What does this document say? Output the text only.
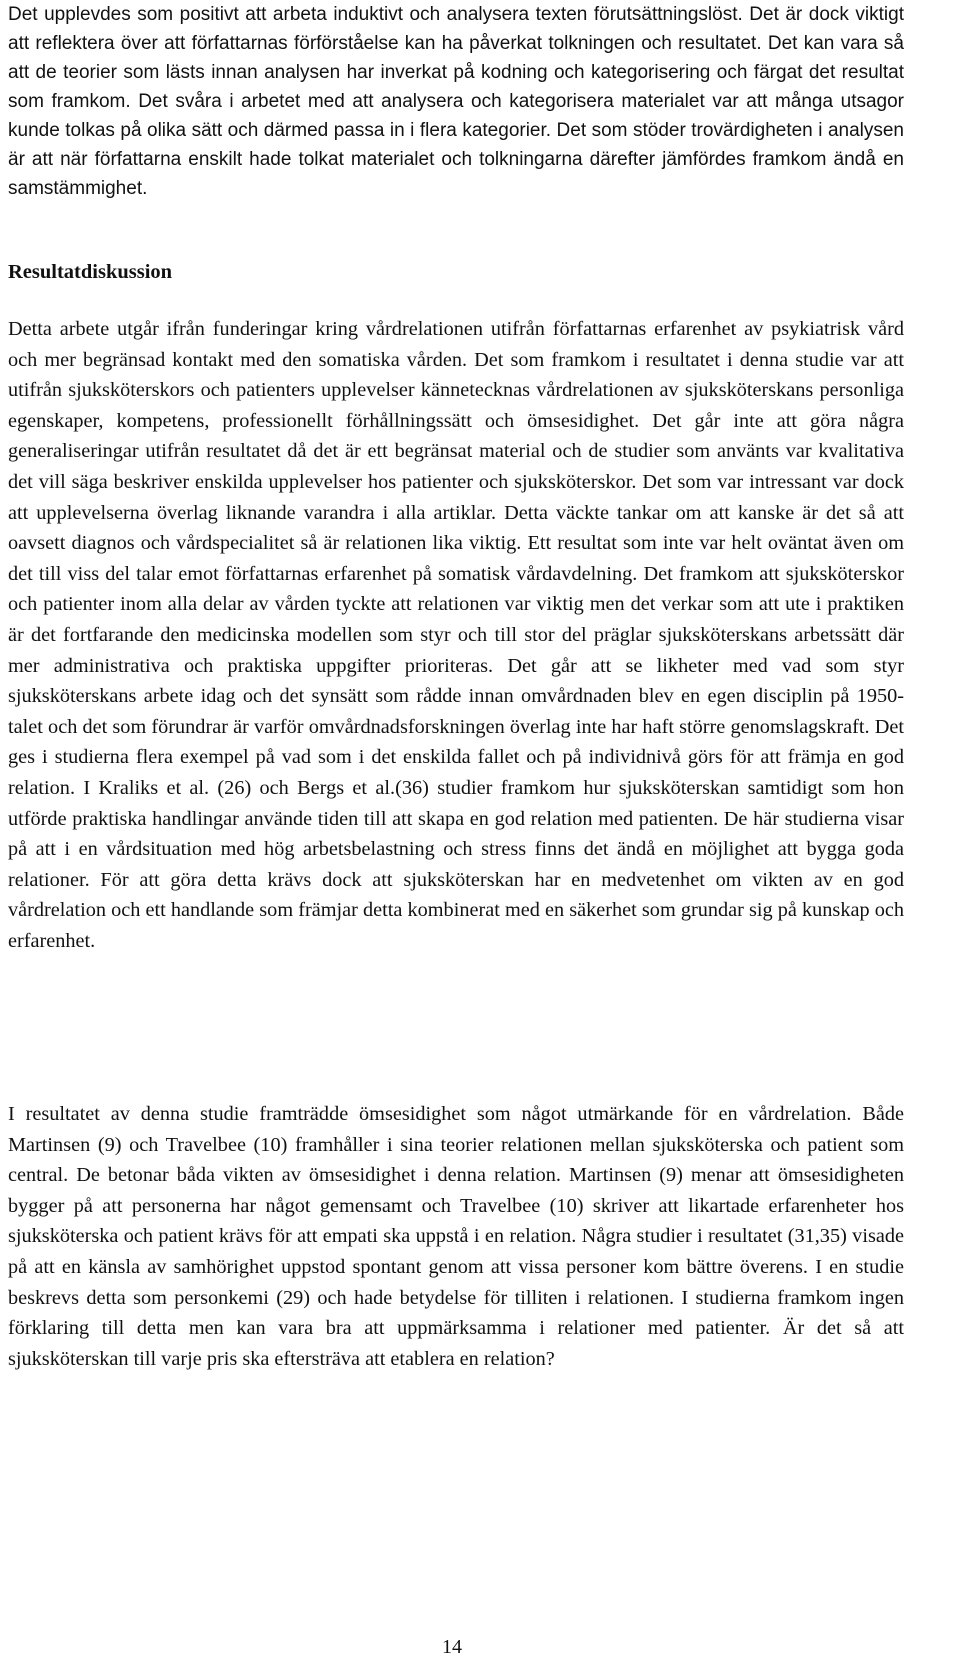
Det upplevdes som positivt att arbeta induktivt och analysera texten förutsättningslöst. Det är dock viktigt att reflektera över att författarnas förförståelse kan ha påverkat tolkningen och resultatet. Det kan vara så att de teorier som lästs innan analysen har inverkat på kodning och kategorisering och färgat det resultat som framkom. Det svåra i arbetet med att analysera och kategorisera materialet var att många utsagor kunde tolkas på olika sätt och därmed passa in i flera kategorier. Det som stöder trovärdigheten i analysen är att när författarna enskilt hade tolkat materialet och tolkningarna därefter jämfördes framkom ändå en samstämmighet.

Resultatdiskussion

Detta arbete utgår ifrån funderingar kring vårdrelationen utifrån författarnas erfarenhet av psykiatrisk vård och mer begränsad kontakt med den somatiska vården. Det som framkom i resultatet i denna studie var att utifrån sjuksköterskors och patienters upplevelser kännetecknas vårdrelationen av sjuksköterskans personliga egenskaper, kompetens, professionellt förhållningssätt och ömsesidighet. Det går inte att göra några generaliseringar utifrån resultatet då det är ett begränsat material och de studier som använts var kvalitativa det vill säga beskriver enskilda upplevelser hos patienter och sjuksköterskor. Det som var intressant var dock att upplevelserna överlag liknande varandra i alla artiklar. Detta väckte tankar om att kanske är det så att oavsett diagnos och vårdspecialitet så är relationen lika viktig. Ett resultat som inte var helt oväntat även om det till viss del talar emot författarnas erfarenhet på somatisk vårdavdelning. Det framkom att sjuksköterskor och patienter inom alla delar av vården tyckte att relationen var viktig men det verkar som att ute i praktiken är det fortfarande den medicinska modellen som styr och till stor del präglar sjuksköterskans arbetssätt där mer administrativa och praktiska uppgifter prioriteras. Det går att se likheter med vad som styr sjuksköterskans arbete idag och det synsätt som rådde innan omvårdnaden blev en egen disciplin på 1950-talet och det som förundrar är varför omvårdnadsforskningen överlag inte har haft större genomslagskraft. Det ges i studierna flera exempel på vad som i det enskilda fallet och på individnivå görs för att främja en god relation. I Kraliks et al. (26) och Bergs et al.(36) studier framkom hur sjuksköterskan samtidigt som hon utförde praktiska handlingar använde tiden till att skapa en god relation med patienten. De här studierna visar på att i en vårdsituation med hög arbetsbelastning och stress finns det ändå en möjlighet att bygga goda relationer. För att göra detta krävs dock att sjuksköterskan har en medvetenhet om vikten av en god vårdrelation och ett handlande som främjar detta kombinerat med en säkerhet som grundar sig på kunskap och erfarenhet.

I resultatet av denna studie framträdde ömsesidighet som något utmärkande för en vårdrelation. Både Martinsen (9) och Travelbee (10) framhåller i sina teorier relationen mellan sjuksköterska och patient som central. De betonar båda vikten av ömsesidighet i denna relation. Martinsen (9) menar att ömsesidigheten bygger på att personerna har något gemensamt och Travelbee (10) skriver att likartade erfarenheter hos sjuksköterska och patient krävs för att empati ska uppstå i en relation. Några studier i resultatet (31,35) visade på att en känsla av samhörighet uppstod spontant genom att vissa personer kom bättre överens. I en studie beskrevs detta som personkemi (29) och hade betydelse för tilliten i relationen. I studierna framkom ingen förklaring till detta men kan vara bra att uppmärksamma i relationer med patienter. Är det så att sjuksköterskan till varje pris ska eftersträva att etablera en relation?

14
